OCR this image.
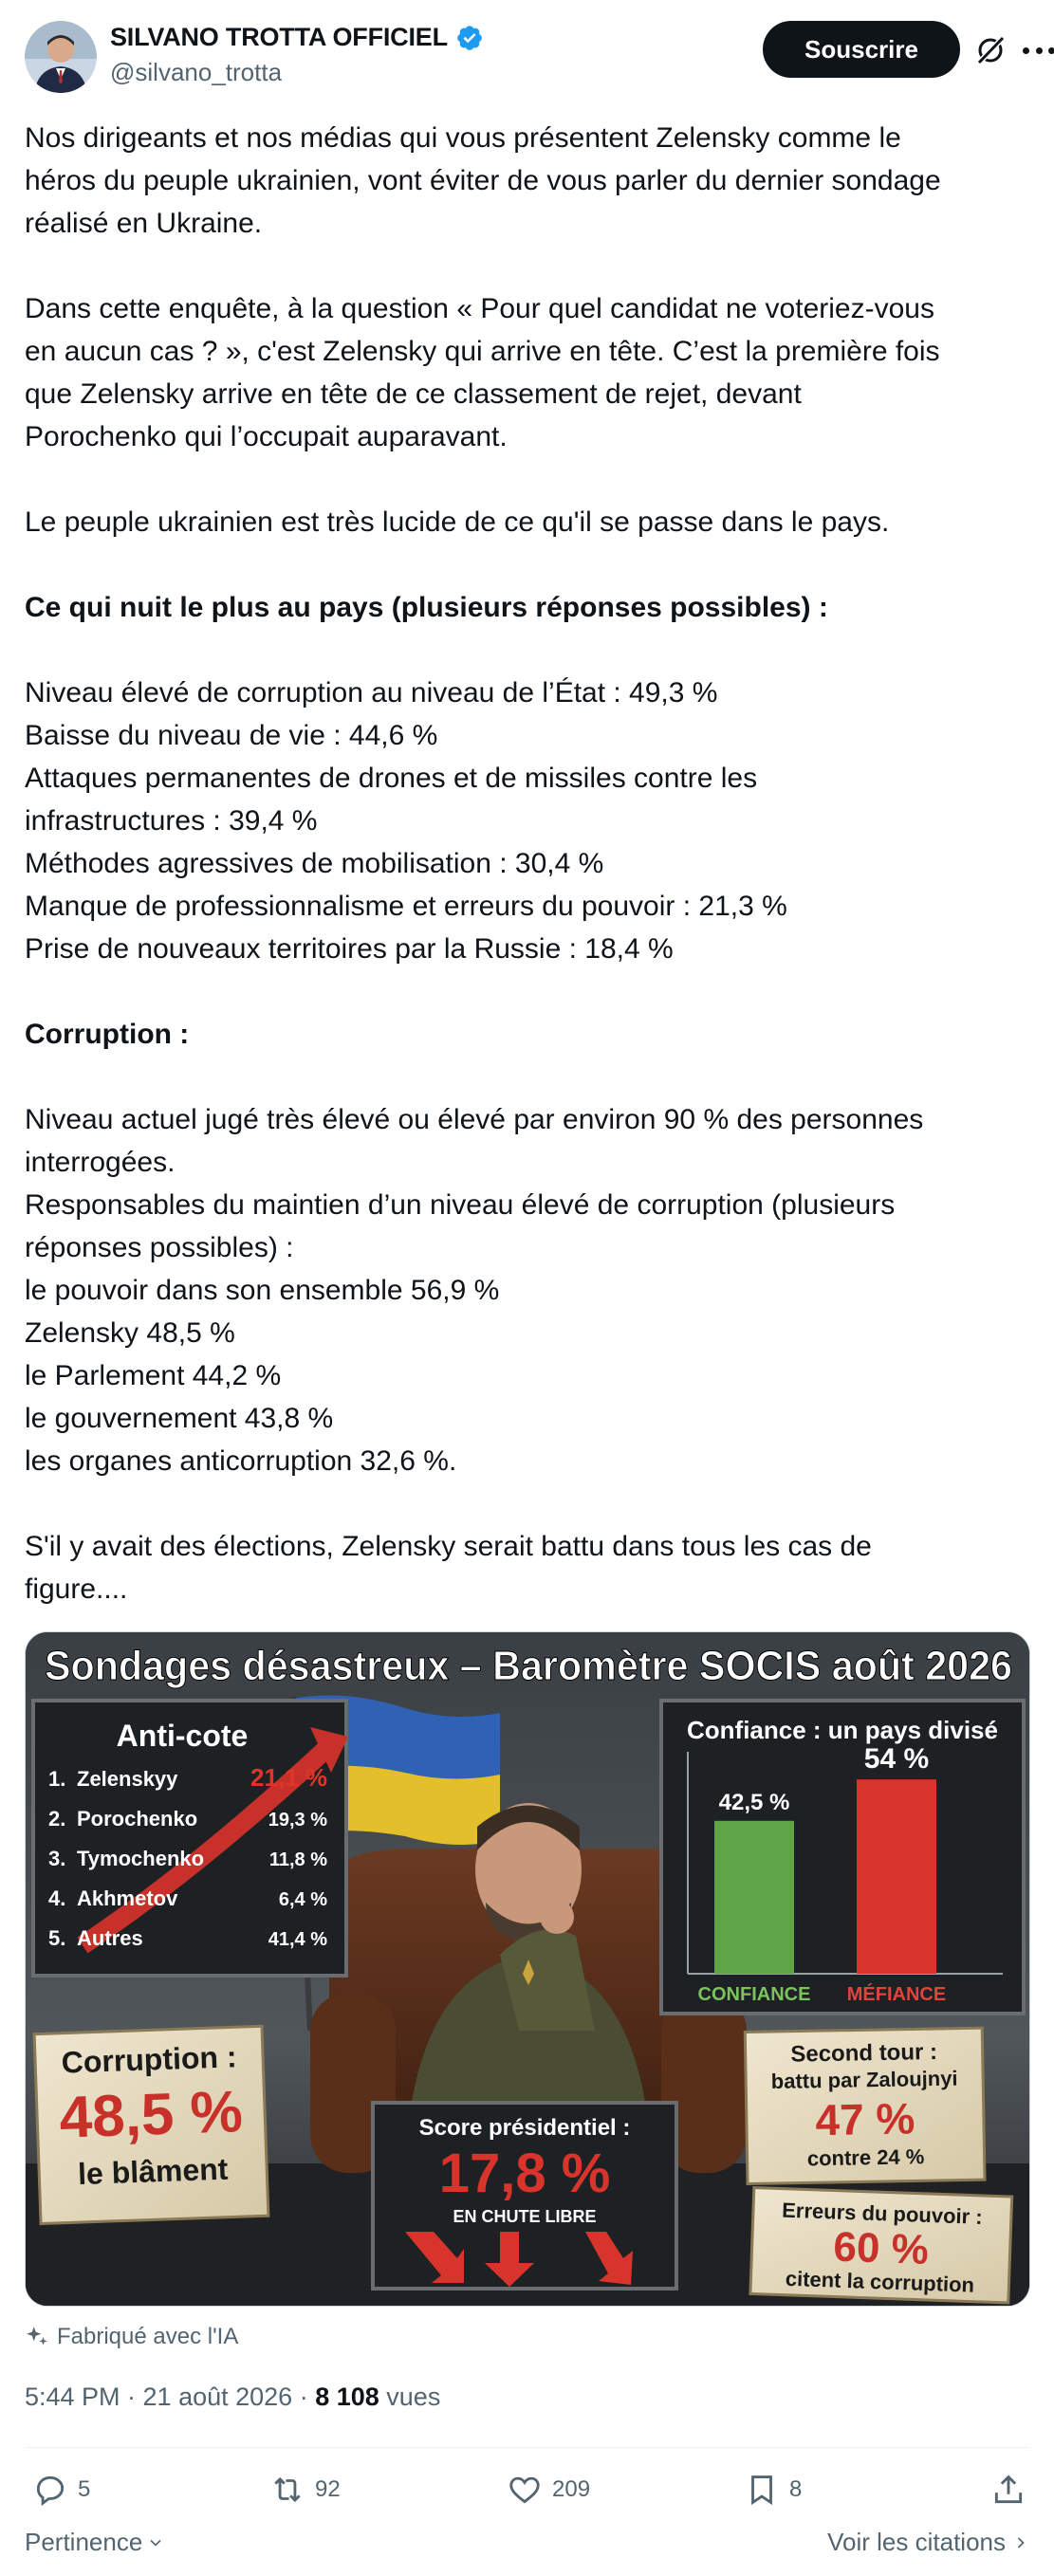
SILVANO TROTTA OFFICIEL
@silvano_trotta
Souscrire
Nos dirigeants et nos médias qui vous présentent Zelensky comme le
héros du peuple ukrainien, vont éviter de vous parler du dernier sondage
réalisé en Ukraine.
Dans cette enquête, à la question « Pour quel candidat ne voteriez-vous
en aucun cas ? », c'est Zelensky qui arrive en tête. C’est la première fois
que Zelensky arrive en tête de ce classement de rejet, devant
Porochenko qui l’occupait auparavant.
Le peuple ukrainien est très lucide de ce qu'il se passe dans le pays.
Ce qui nuit le plus au pays (plusieurs réponses possibles) :
Niveau élevé de corruption au niveau de l’État : 49,3 %
Baisse du niveau de vie : 44,6 %
Attaques permanentes de drones et de missiles contre les
infrastructures : 39,4 %
Méthodes agressives de mobilisation : 30,4 %
Manque de professionnalisme et erreurs du pouvoir : 21,3 %
Prise de nouveaux territoires par la Russie : 18,4 %
Corruption :
Niveau actuel jugé très élevé ou élevé par environ 90 % des personnes
interrogées.
Responsables du maintien d’un niveau élevé de corruption (plusieurs
réponses possibles) :
le pouvoir dans son ensemble 56,9 %
Zelensky 48,5 %
le Parlement 44,2 %
le gouvernement 43,8 %
les organes anticorruption 32,6 %.
S'il y avait des élections, Zelensky serait battu dans tous les cas de
figure....
Sondages désastreux – Baromètre SOCIS août 2026
Anti-cote
1. Zelenskyy	21,1 %
2. Porochenko	19,3 %
3. Tymochenko	11,8 %
4. Akhmetov	6,4 %
5. Autres	41,4 %
Confiance : un pays divisé
42,5 %
CONFIANCE
54 %
MÉFIANCE
Corruption :
48,5 %
le blâment
Score présidentiel :
17,8 %
EN CHUTE LIBRE
Second tour :
battu par Zaloujnyi
47 %
contre 24 %
Erreurs du pouvoir :
60 %
citent la corruption
Fabriqué avec l'IA
5:44 PM · 21 août 2026 · 8 108 vues
5	92	209	8
Pertinence	Voir les citations
